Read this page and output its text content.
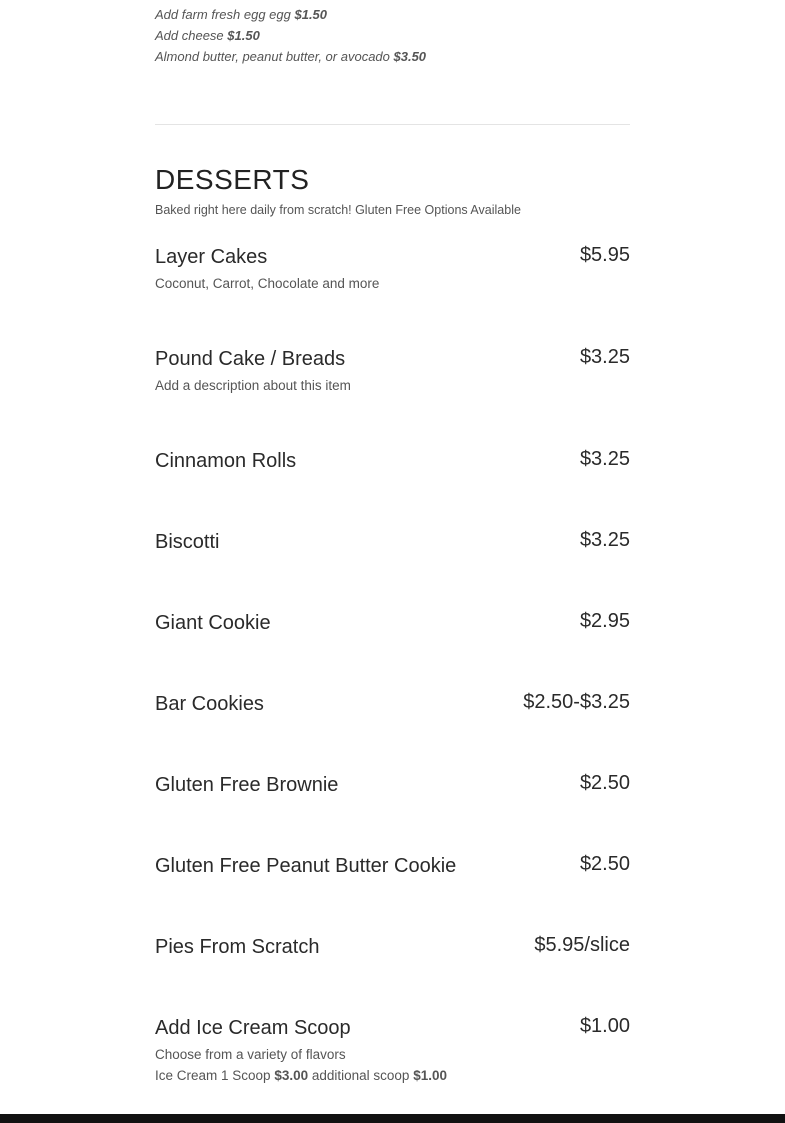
Add farm fresh egg egg $1.50
Add cheese $1.50
Almond butter, peanut butter, or avocado $3.50
DESSERTS
Baked right here daily from scratch! Gluten Free Options Available
Layer Cakes	$5.95
Coconut, Carrot, Chocolate and more
Pound Cake / Breads	$3.25
Add a description about this item
Cinnamon Rolls	$3.25
Biscotti	$3.25
Giant Cookie	$2.95
Bar Cookies	$2.50-$3.25
Gluten Free Brownie	$2.50
Gluten Free Peanut Butter Cookie	$2.50
Pies From Scratch	$5.95/slice
Add Ice Cream Scoop	$1.00
Choose from a variety of flavors
Ice Cream 1 Scoop $3.00 additional scoop $1.00
